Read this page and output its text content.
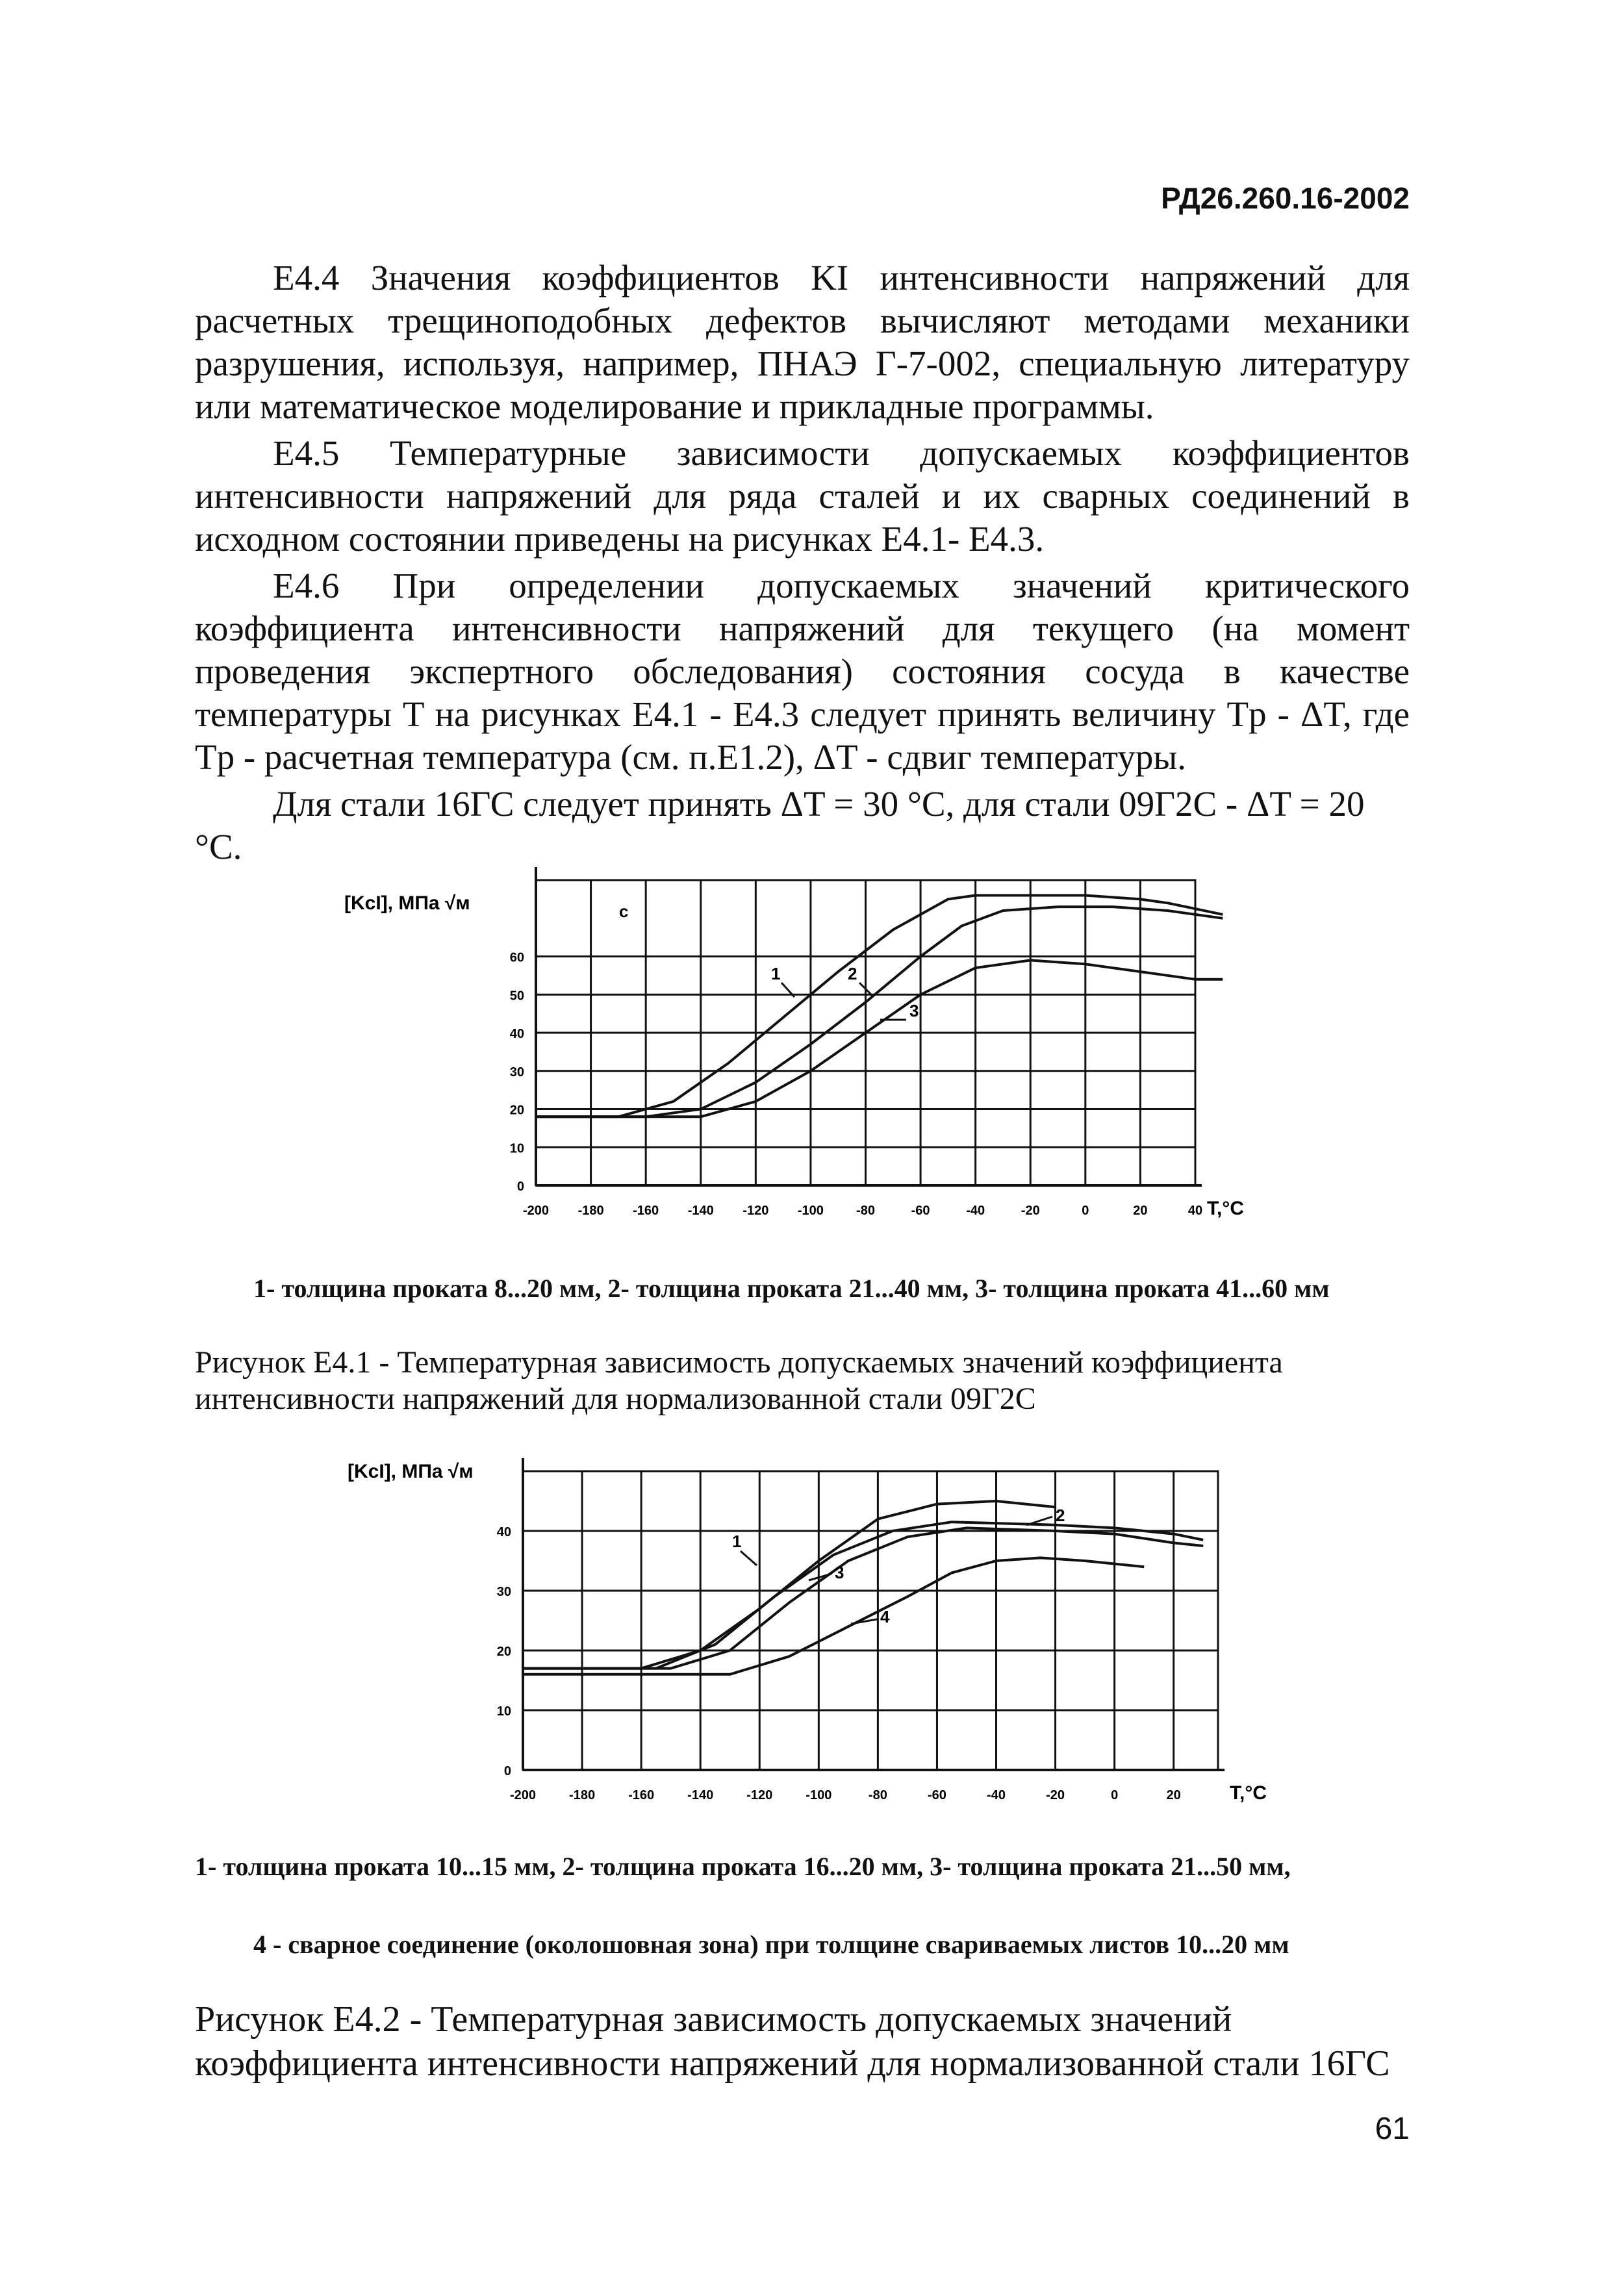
РД26.260.16-2002

Е4.4 Значения коэффициентов KI интенсивности напряжений для расчетных трещиноподобных дефектов вычисляют методами механики разрушения, используя, например, ПНАЭ Г-7-002, специальную литературу или математическое моделирование и прикладные программы.

Е4.5 Температурные зависимости допускаемых коэффициентов интенсивности напряжений для ряда сталей и их сварных соединений в исходном состоянии приведены на рисунках Е4.1- Е4.3.

Е4.6 При определении допускаемых значений критического коэффициента интенсивности напряжений для текущего (на момент проведения экспертного обследования) состояния сосуда в качестве температуры T на рисунках Е4.1 - Е4.3 следует принять величину Tр - ΔT, где Tр - расчетная температура (см. п.Е1.2), ΔT - сдвиг температуры.

Для стали 16ГС следует принять ΔT = 30 °C, для стали 09Г2С - ΔT = 20 °C.

-200 -180 -160 -140 -120 -100	-80	-60	-40	-20	0	20	40
0
10
20
30
40
50
60
[KcI], МПа √м
T,°C
1	2
3
c
1- толщина проката 8...20 мм, 2- толщина проката 21...40 мм, 3- толщина проката 41...60 мм
Рисунок Е4.1 - Температурная зависимость допускаемых значений коэффициента интенсивности напряжений для нормализованной стали 09Г2С
-200	-180	-160	-140	-120	-100	-80	-60	-40	-20	0	20
0
10
20
30
40
[KcI], МПа √м
T,°C
1
2
3
4
1- толщина проката 10...15 мм, 2- толщина проката 16...20 мм, 3- толщина проката 21...50 мм,
4 - сварное соединение (околошовная зона) при толщине свариваемых листов 10...20 мм
Рисунок Е4.2 - Температурная зависимость допускаемых значений коэффициента интенсивности напряжений для нормализованной стали 16ГС
61
